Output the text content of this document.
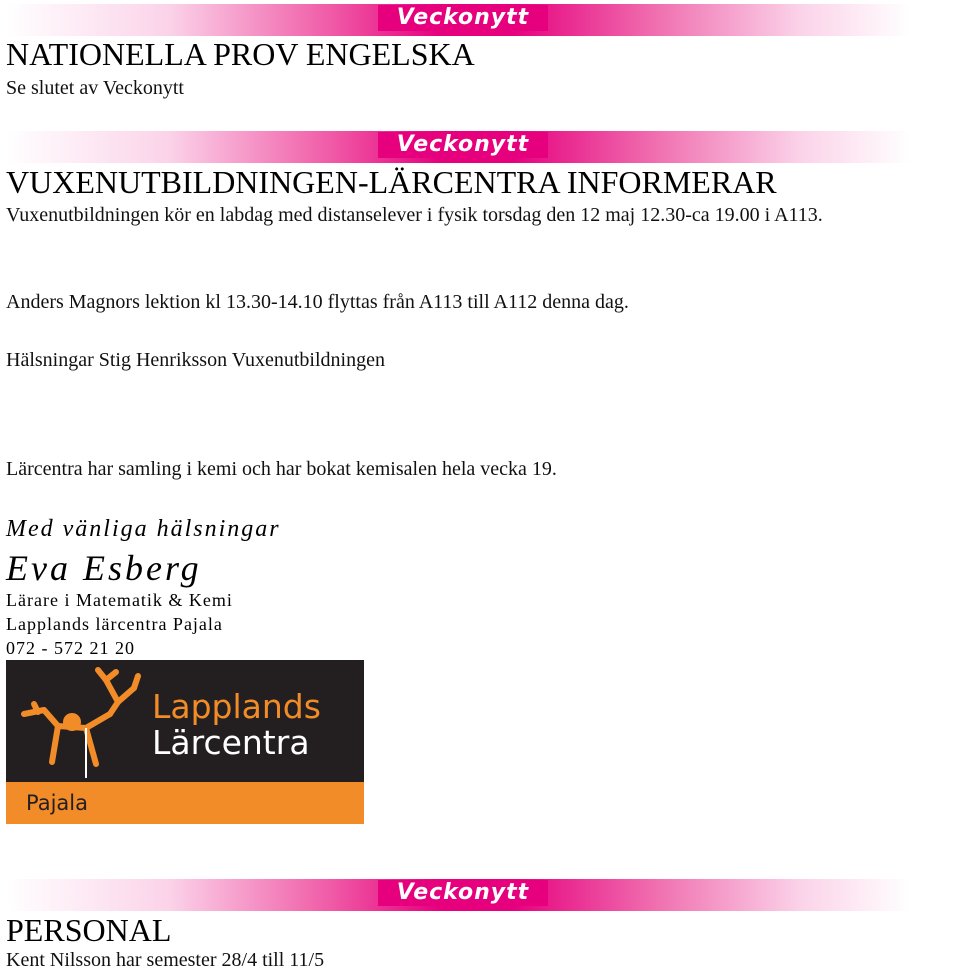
Veckonytt
NATIONELLA PROV ENGELSKA

Se slutet av Veckonytt

Veckonytt
VUXENUTBILDNINGEN-LÄRCENTRA INFORMERAR

Vuxenutbildningen kör en labdag med distanselever i fysik torsdag den 12 maj 12.30-ca 19.00 i A113.

Anders Magnors lektion kl 13.30-14.10 flyttas från A113 till A112 denna dag.

Hälsningar Stig Henriksson Vuxenutbildningen

Lärcentra har samling i kemi och har bokat kemisalen hela vecka 19.

Med vänliga hälsningar

Eva Esberg

Lärare i Matematik & Kemi

Lapplands lärcentra Pajala

072 - 572 21 20

Lapplands

Lärcentra

Pajala

Veckonytt
PERSONAL

Kent Nilsson har semester 28/4 till 11/5
